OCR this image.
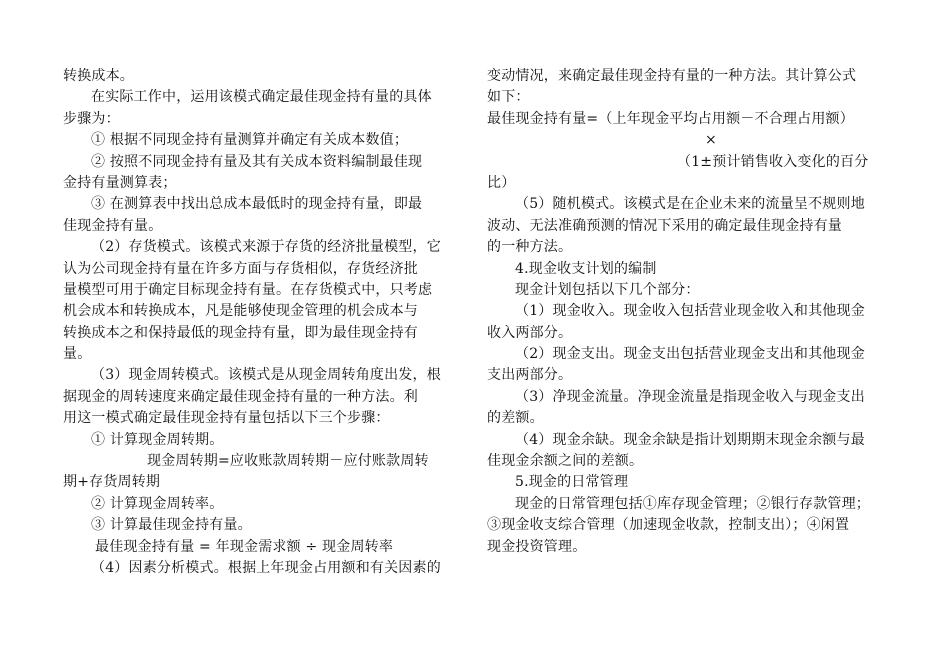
转换成本。
在实际工作中，运用该模式确定最佳现金持有量的具体
步骤为：
① 根据不同现金持有量测算并确定有关成本数值；
② 按照不同现金持有量及其有关成本资料编制最佳现
金持有量测算表；
③ 在测算表中找出总成本最低时的现金持有量，即最
佳现金持有量。
（2）存货模式。该模式来源于存货的经济批量模型，它
认为公司现金持有量在许多方面与存货相似，存货经济批
量模型可用于确定目标现金持有量。在存货模式中，只考虑
机会成本和转换成本，凡是能够使现金管理的机会成本与
转换成本之和保持最低的现金持有量，即为最佳现金持有
量。
（3）现金周转模式。该模式是从现金周转角度出发，根
据现金的周转速度来确定最佳现金持有量的一种方法。利
用这一模式确定最佳现金持有量包括以下三个步骤：
① 计算现金周转期。
现金周转期=应收账款周转期－应付账款周转
期+存货周转期
② 计算现金周转率。
③ 计算最佳现金持有量。
最佳现金持有量 = 年现金需求额 ÷ 现金周转率
（4）因素分析模式。根据上年现金占用额和有关因素的
变动情况，来确定最佳现金持有量的一种方法。其计算公式
如下：
最佳现金持有量=（上年现金平均占用额－不合理占用额）
×
（1±预计销售收入变化的百分
比）
（5）随机模式。该模式是在企业未来的流量呈不规则地
波动、无法准确预测的情况下采用的确定最佳现金持有量
的一种方法。
4.现金收支计划的编制
现金计划包括以下几个部分：
（1）现金收入。现金收入包括营业现金收入和其他现金
收入两部分。
（2）现金支出。现金支出包括营业现金支出和其他现金
支出两部分。
（3）净现金流量。净现金流量是指现金收入与现金支出
的差额。
（4）现金余缺。现金余缺是指计划期期末现金余额与最
佳现金余额之间的差额。
5.现金的日常管理
现金的日常管理包括①库存现金管理；②银行存款管理；
③现金收支综合管理（加速现金收款，控制支出）；④闲置
现金投资管理。
